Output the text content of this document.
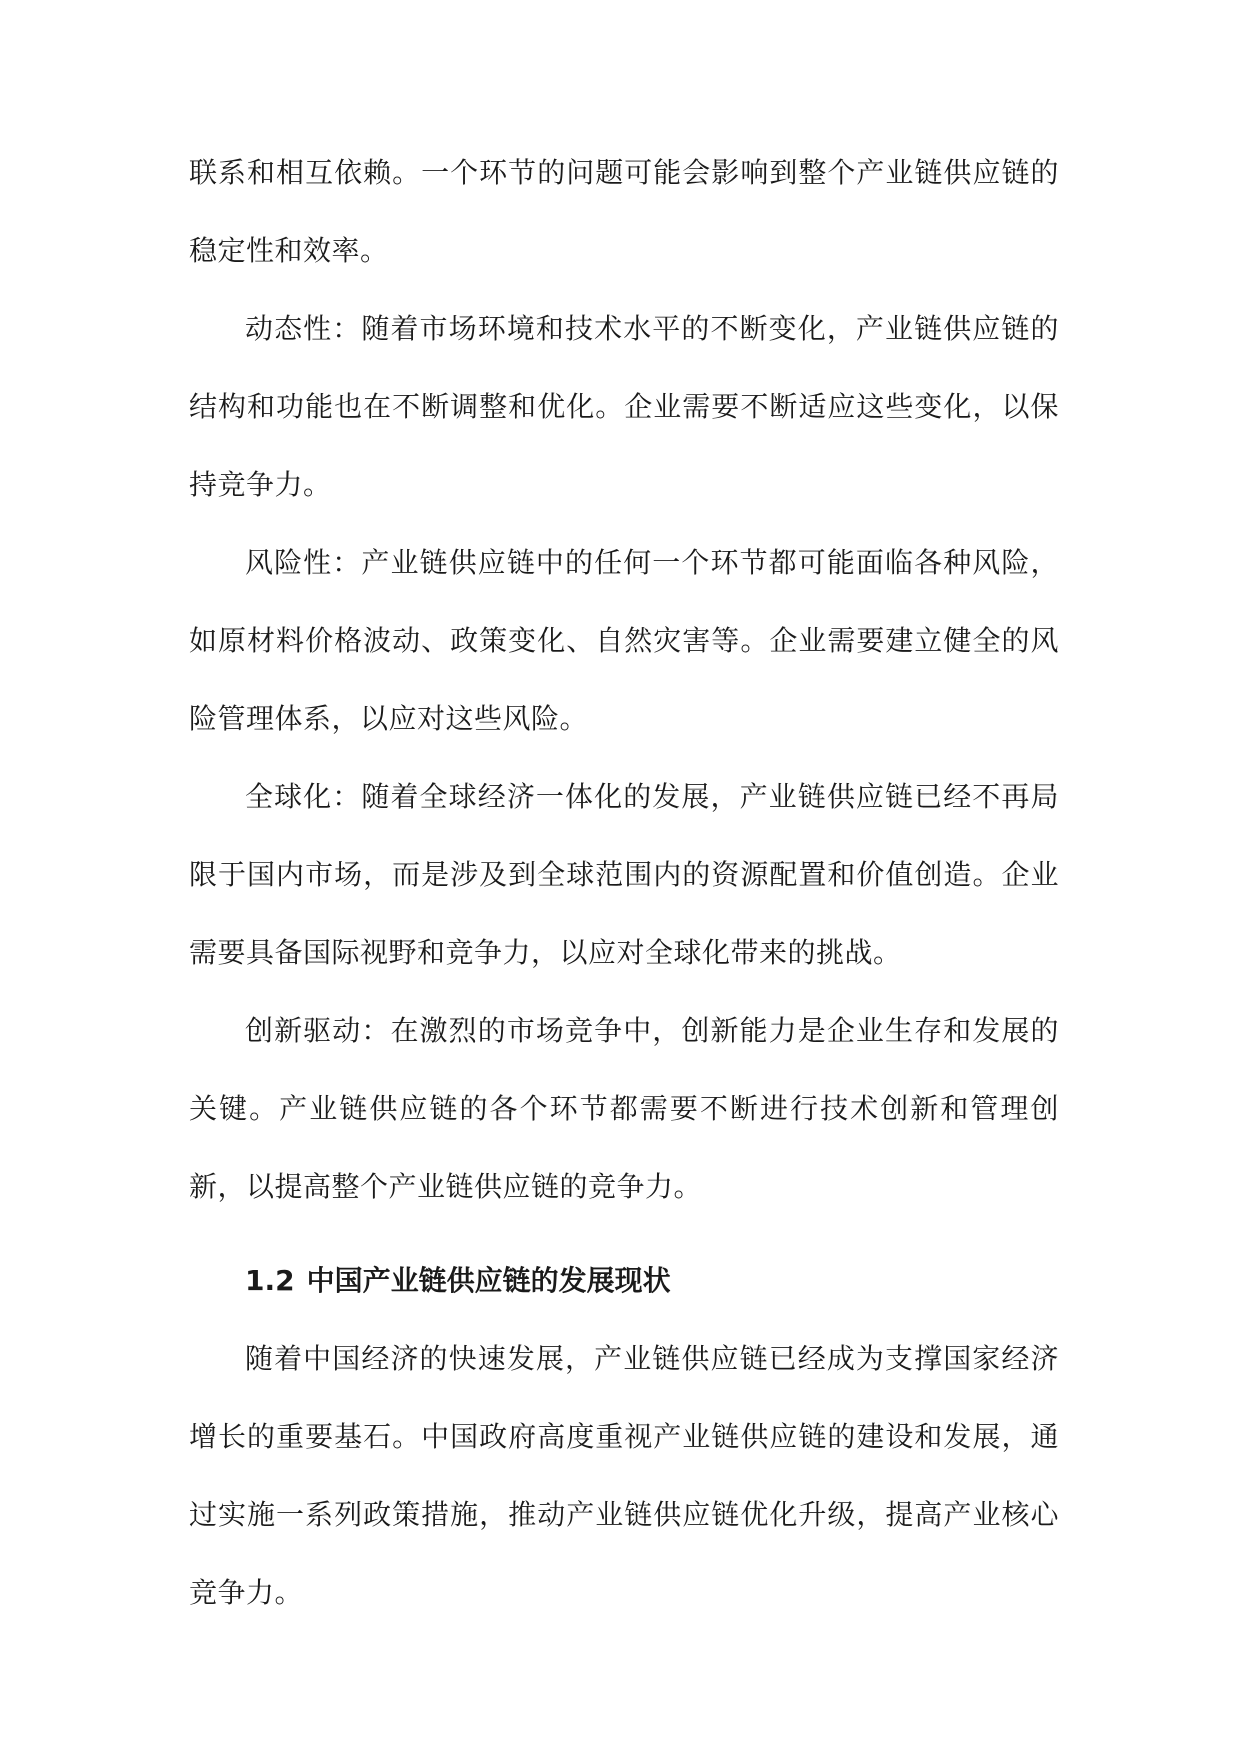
联系和相互依赖。一个环节的问题可能会影响到整个产业链供应链的稳定性和效率。

动态性：随着市场环境和技术水平的不断变化，产业链供应链的结构和功能也在不断调整和优化。企业需要不断适应这些变化，以保持竞争力。

风险性：产业链供应链中的任何一个环节都可能面临各种风险，如原材料价格波动、政策变化、自然灾害等。企业需要建立健全的风险管理体系，以应对这些风险。

全球化：随着全球经济一体化的发展，产业链供应链已经不再局限于国内市场，而是涉及到全球范围内的资源配置和价值创造。企业需要具备国际视野和竞争力，以应对全球化带来的挑战。

创新驱动：在激烈的市场竞争中，创新能力是企业生存和发展的关键。产业链供应链的各个环节都需要不断进行技术创新和管理创新，以提高整个产业链供应链的竞争力。

1.2 中国产业链供应链的发展现状

随着中国经济的快速发展，产业链供应链已经成为支撑国家经济增长的重要基石。中国政府高度重视产业链供应链的建设和发展，通过实施一系列政策措施，推动产业链供应链优化升级，提高产业核心竞争力。
